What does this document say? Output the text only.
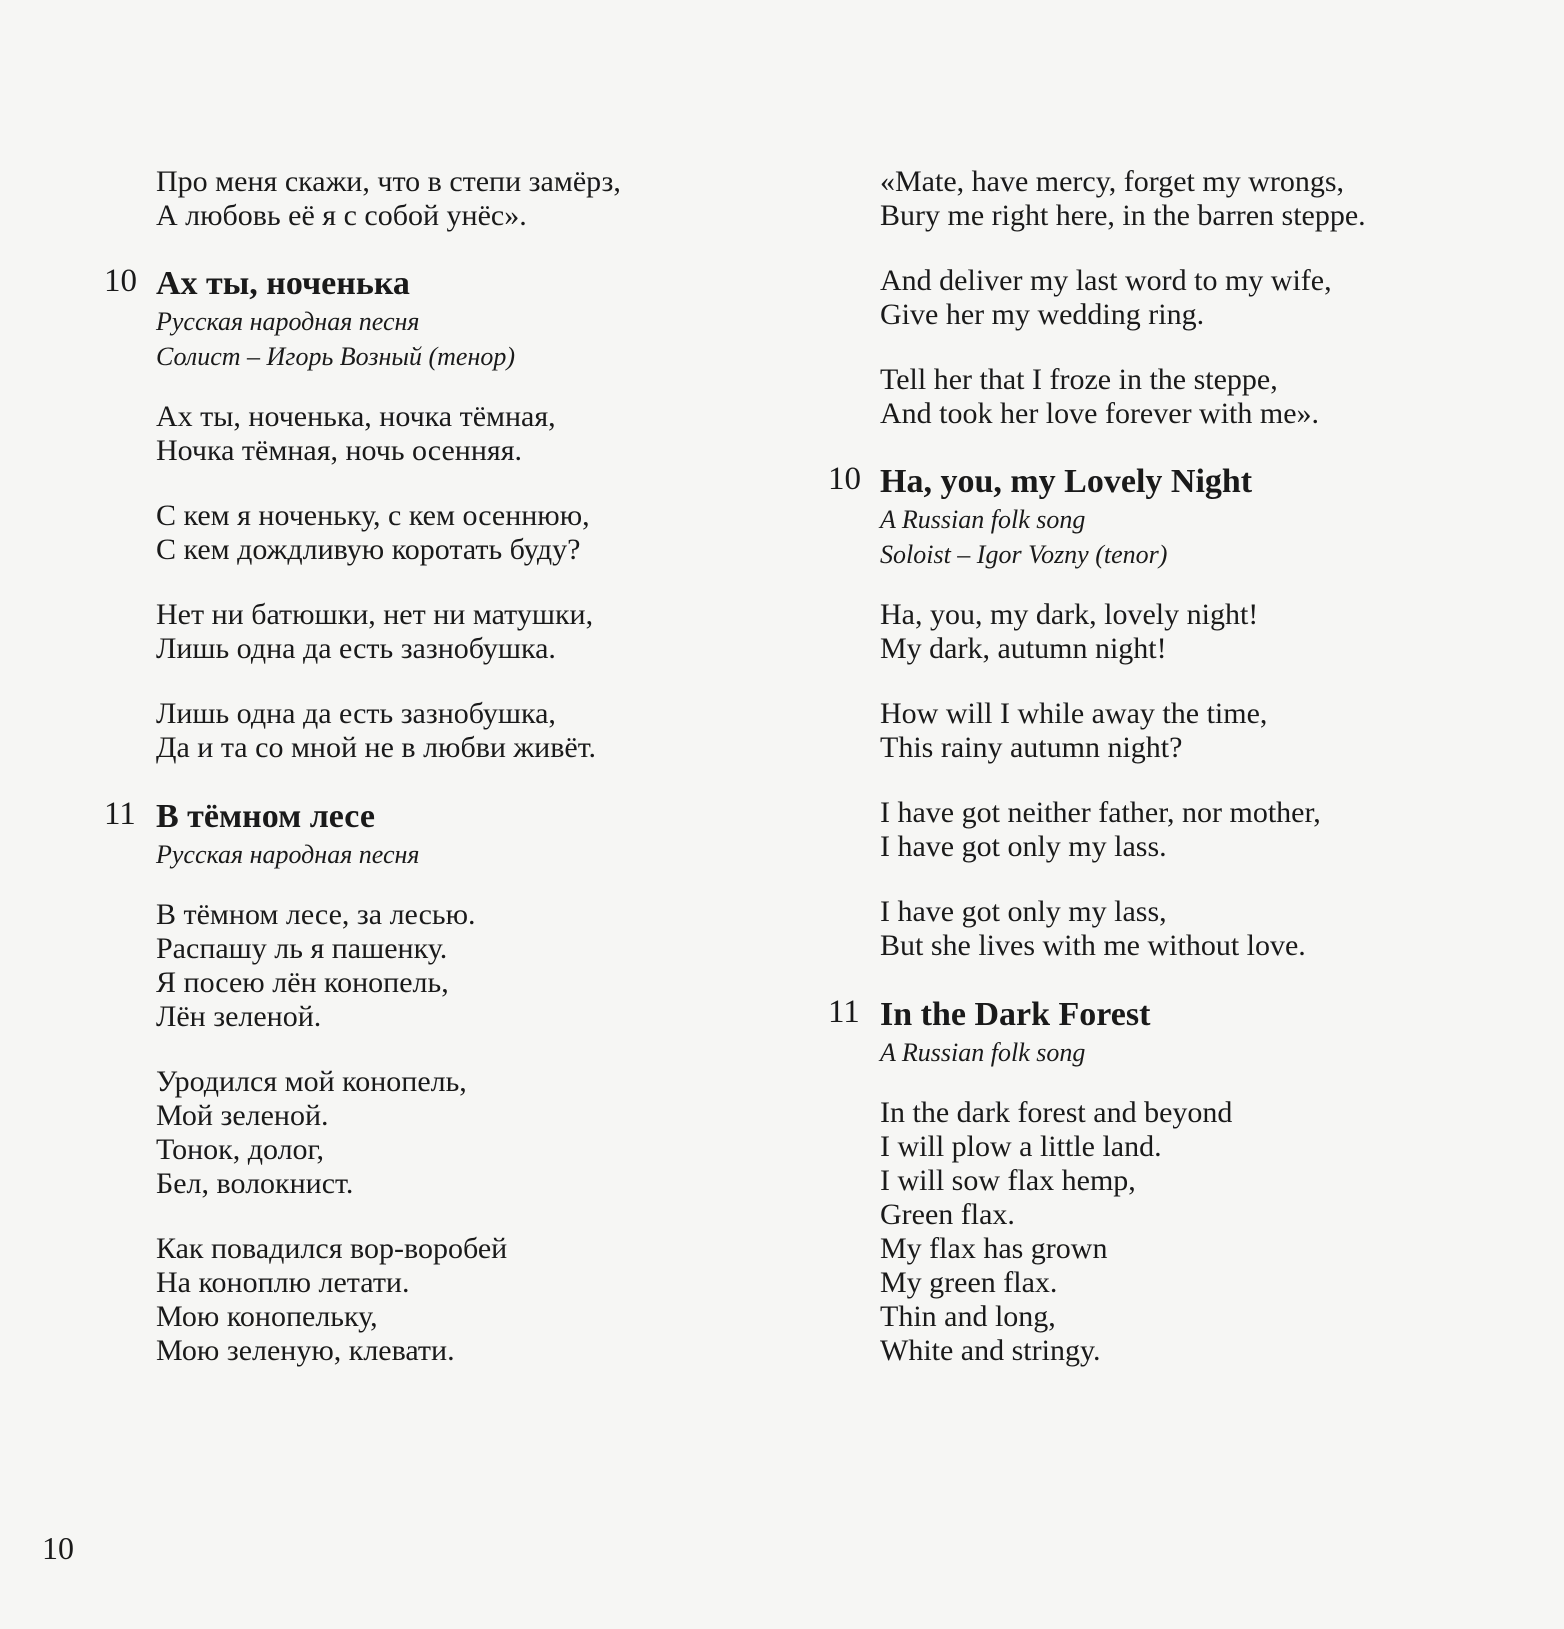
Про меня скажи, что в степи замёрз,
А любовь её я с собой унёс».
10 Ах ты, ноченька
Русская народная песня
Солист – Игорь Возный (тенор)
Ах ты, ноченька, ночка тёмная,
Ночка тёмная, ночь осенняя.
С кем я ноченьку, с кем осеннюю,
С кем дождливую коротать буду?
Нет ни батюшки, нет ни матушки,
Лишь одна да есть зазнобушка.
Лишь одна да есть зазнобушка,
Да и та со мной не в любви живёт.
11 В тёмном лесе
Русская народная песня
В тёмном лесе, за лесью.
Распашу ль я пашенку.
Я посею лён конопель,
Лён зеленой.
Уродился мой конопель,
Мой зеленой.
Тонок, долог,
Бел, волокнист.
Как повадился вор-воробей
На коноплю летати.
Мою конопельку,
Мою зеленую, клевати.
«Mate, have mercy, forget my wrongs,
Bury me right here, in the barren steppe.
And deliver my last word to my wife,
Give her my wedding ring.
Tell her that I froze in the steppe,
And took her love forever with me».
10 Ha, you, my Lovely Night
A Russian folk song
Soloist – Igor Vozny (tenor)
Ha, you, my dark, lovely night!
My dark, autumn night!
How will I while away the time,
This rainy autumn night?
I have got neither father, nor mother,
I have got only my lass.
I have got only my lass,
But she lives with me without love.
11 In the Dark Forest
A Russian folk song
In the dark forest and beyond
I will plow a little land.
I will sow flax hemp,
Green flax.
My flax has grown
My green flax.
Thin and long,
White and stringy.
10
